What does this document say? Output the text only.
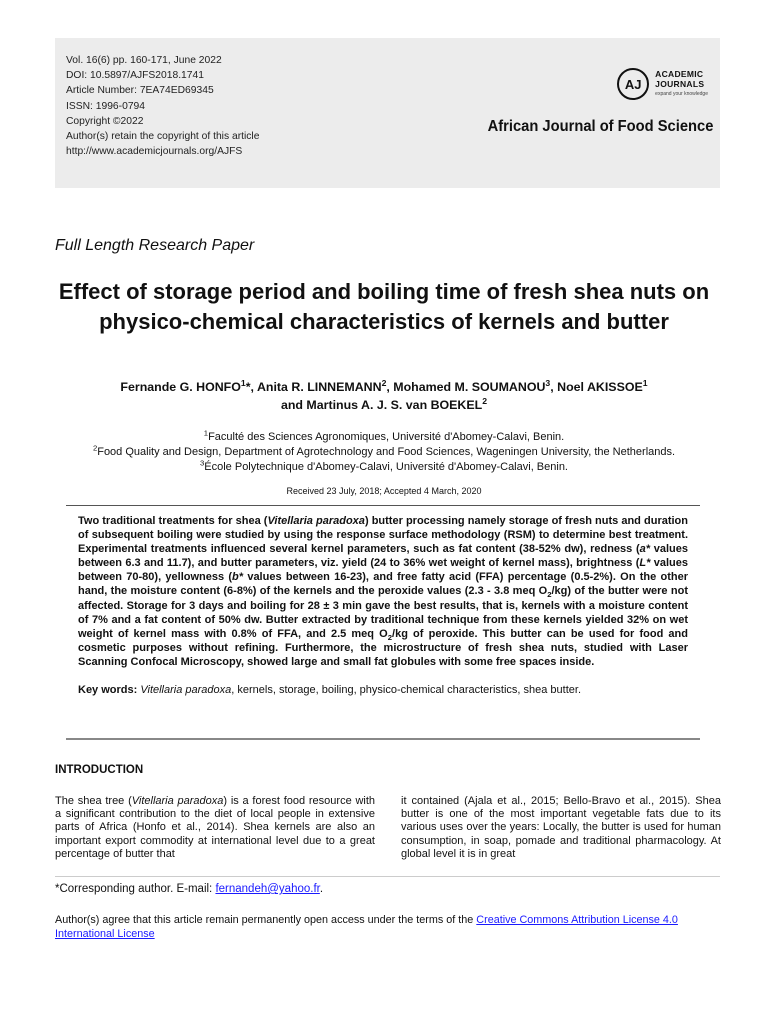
Vol. 16(6) pp. 160-171, June 2022
DOI: 10.5897/AJFS2018.1741
Article Number: 7EA74ED69345
ISSN: 1996-0794
Copyright ©2022
Author(s) retain the copyright of this article
http://www.academicjournals.org/AJFS
AJ
ACADEMIC
JOURNALS
expand your knowledge
African Journal of Food Science
Full Length Research Paper
Effect of storage period and boiling time of fresh shea nuts on physico-chemical characteristics of kernels and butter
Fernande G. HONFO$^1$*, Anita R. LINNEMANN$^2$, Mohamed M. SOUMANOU$^3$, Noel AKISSOE$^1$
and Martinus A. J. S. van BOEKEL$^2$
$^1$Faculté des Sciences Agronomiques, Université d'Abomey-Calavi, Benin.
$^2$Food Quality and Design, Department of Agrotechnology and Food Sciences, Wageningen University, the Netherlands.
$^3$École Polytechnique d'Abomey-Calavi, Université d'Abomey-Calavi, Benin.
Received 23 July, 2018; Accepted 4 March, 2020
Two traditional treatments for shea (Vitellaria paradoxa) butter processing namely storage of fresh nuts and duration of subsequent boiling were studied by using the response surface methodology (RSM) to determine best treatment. Experimental treatments influenced several kernel parameters, such as fat content (38-52% dw), redness (a* values between 6.3 and 11.7), and butter parameters, viz. yield (24 to 36% wet weight of kernel mass), brightness (L* values between 70-80), yellowness (b* values between 16-23), and free fatty acid (FFA) percentage (0.5-2%). On the other hand, the moisture content (6-8%) of the kernels and the peroxide values (2.3 - 3.8 meq $O_2/kg$) of the butter were not affected. Storage for 3 days and boiling for 28 ± 3 min gave the best results, that is, kernels with a moisture content of 7% and a fat content of 50% dw. Butter extracted by traditional technique from these kernels yielded 32% on wet weight of kernel mass with 0.8% of FFA, and 2.5 meq $O_2/kg$ of peroxide. This butter can be used for food and cosmetic purposes without refining. Furthermore, the microstructure of fresh shea nuts, studied with Laser Scanning Confocal Microscopy, showed large and small fat globules with some free spaces inside.
Key words: Vitellaria paradoxa, kernels, storage, boiling, physico-chemical characteristics, shea butter.
INTRODUCTION
The shea tree (Vitellaria paradoxa) is a forest food resource with a significant contribution to the diet of local people in extensive parts of Africa (Honfo et al., 2014). Shea kernels are also an important export commodity at international level due to a great percentage of butter that
it contained (Ajala et al., 2015; Bello-Bravo et al., 2015). Shea butter is one of the most important vegetable fats due to its various uses over the years: Locally, the butter is used for human consumption, in soap, pomade and traditional pharmacology. At global level it is in great
*Corresponding author. E-mail: fernandeh@yahoo.fr.
Author(s) agree that this article remain permanently open access under the terms of the Creative Commons Attribution License 4.0 International License
